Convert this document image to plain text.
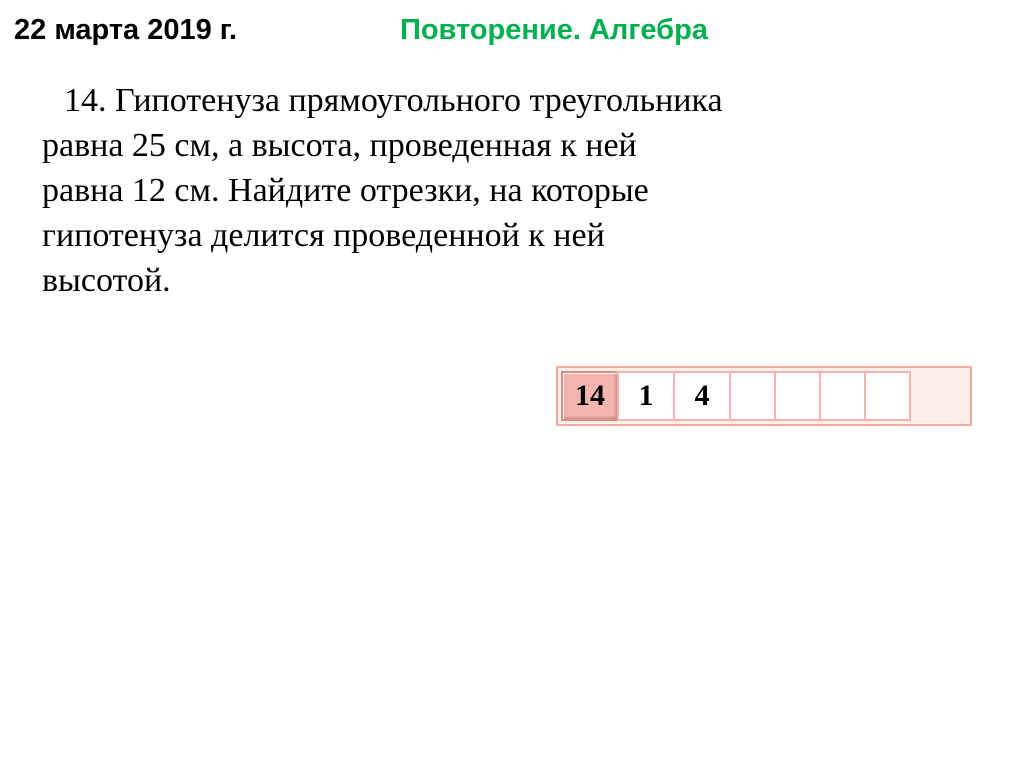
22 марта 2019 г.	Повторение. Алгебра

14. Гипотенуза прямоугольного треугольника

равна 25 см, а высота, проведенная к ней

равна 12 см. Найдите отрезки, на которые

гипотенуза делится проведенной к ней

высотой.

14	1	4
